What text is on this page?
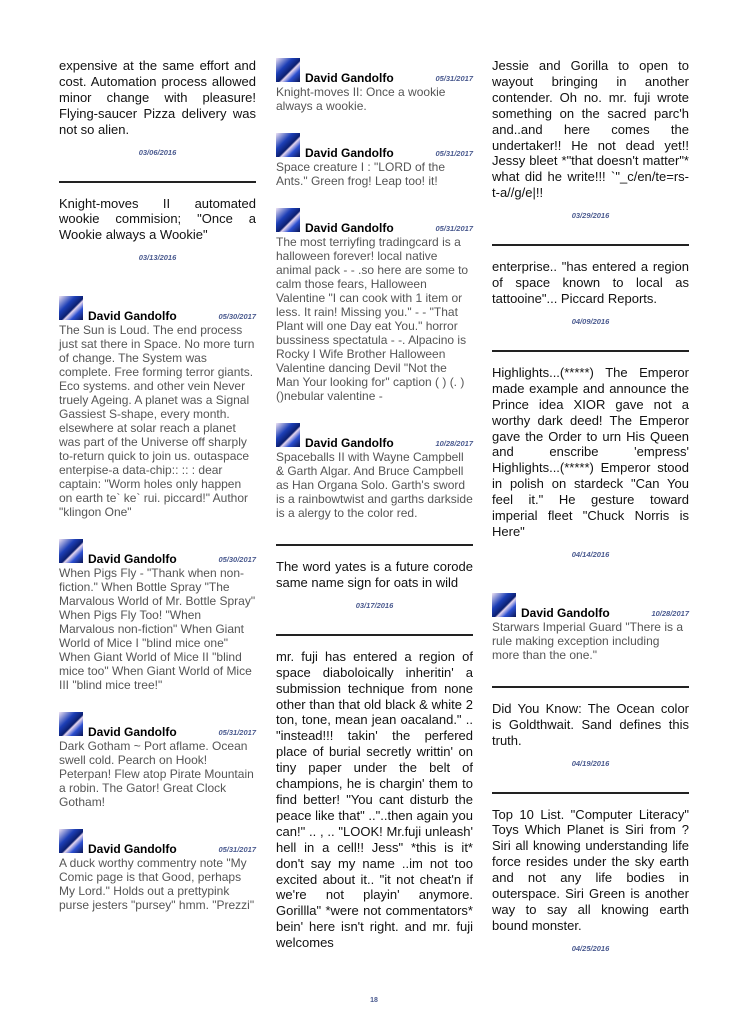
expensive at the same effort and cost. Automation process allowed minor change with pleasure! Flying-saucer Pizza delivery was not so alien.
03/06/2016
Knight-moves II automated wookie commision; "Once a Wookie always a Wookie"
03/13/2016
David Gandolfo	05/30/2017
The Sun is Loud. The end process just sat there in Space. No more turn of change. The System was complete. Free forming terror giants. Eco systems. and other vein Never truely Ageing. A planet was a Signal Gassiest S-shape, every month. elsewhere at solar reach a planet was part of the Universe off sharply to-return quick to join us. outaspace enterpise-a data-chip:: :: : dear captain: "Worm holes only happen on earth te` ke` rui. piccard!" Author "klingon One"
David Gandolfo	05/30/2017
When Pigs Fly - "Thank when non-fiction." When Bottle Spray "The Marvalous World of Mr. Bottle Spray" When Pigs Fly Too! "When Marvalous non-fiction" When Giant World of Mice I "blind mice one" When Giant World of Mice II "blind mice too" When Giant World of Mice III "blind mice tree!"
David Gandolfo	05/31/2017
Dark Gotham ~ Port aflame. Ocean swell cold. Pearch on Hook! Peterpan! Flew atop Pirate Mountain a robin. The Gator! Great Clock Gotham!
David Gandolfo	05/31/2017
A duck worthy commentry note "My Comic page is that Good, perhaps My Lord." Holds out a prettypink purse jesters "pursey" hmm. "Prezzi"
David Gandolfo	05/31/2017
Knight-moves II: Once a wookie always a wookie.
David Gandolfo	05/31/2017
Space creature I : "LORD of the Ants." Green frog! Leap too! it!
David Gandolfo	05/31/2017
The most terriyfing tradingcard is a halloween forever! local native animal pack - - .so here are some to calm those fears, Halloween Valentine "I can cook with 1 item or less. It rain! Missing you." - - "That Plant will one Day eat You." horror bussiness spectatula - -. Alpacino is Rocky I Wife Brother Halloween Valentine dancing Devil "Not the Man Your looking for" caption ( ) (. ) ()nebular valentine -
David Gandolfo	10/28/2017
Spaceballs II with Wayne Campbell & Garth Algar. And Bruce Campbell as Han Organa Solo. Garth's sword is a rainbowtwist and garths darkside is a alergy to the color red.
The word yates is a future corode same name sign for oats in wild
03/17/2016
mr. fuji has entered a region of space diaboloically inheritin' a submission technique from none other than that old black & white 2 ton, tone, mean jean oacaland." .. "instead!!! takin' the perfered place of burial secretly writtin' on tiny paper under the belt of champions, he is chargin' them to find better! "You cant disturb the peace like that" .."..then again you can!" .. , .. "LOOK! Mr.fuji unleash' hell in a cell!! Jess" *this is it* don't say my name ..im not too excited about it.. "it not cheat'n if we're not playin' anymore. Gorillla" *were not commentators* bein' here isn't right. and mr. fuji welcomes
Jessie and Gorilla to open to wayout bringing in another contender. Oh no. mr. fuji wrote something on the sacred parc'h and..and here comes the undertaker!! He not dead yet!! Jessy bleet *"that doesn't matter"* what did he write!!! `"_c/en/te=rs-t-a//g/e|!!
03/29/2016
enterprise.. "has entered a region of space known to local as tattooine"... Piccard Reports.
04/09/2016
Highlights...(*****) The Emperor made example and announce the Prince idea XIOR gave not a worthy dark deed! The Emperor gave the Order to urn His Queen and enscribe 'empress' Highlights...(*****) Emperor stood in polish on stardeck "Can You feel it." He gesture toward imperial fleet "Chuck Norris is Here"
04/14/2016
David Gandolfo	10/28/2017
Starwars Imperial Guard "There is a rule making exception including more than the one."
Did You Know: The Ocean color is Goldthwait. Sand defines this truth.
04/19/2016
Top 10 List. "Computer Literacy" Toys Which Planet is Siri from ? Siri all knowing understanding life force resides under the sky earth and not any life bodies in outerspace. Siri Green is another way to say all knowing earth bound monster.
04/25/2016
18
